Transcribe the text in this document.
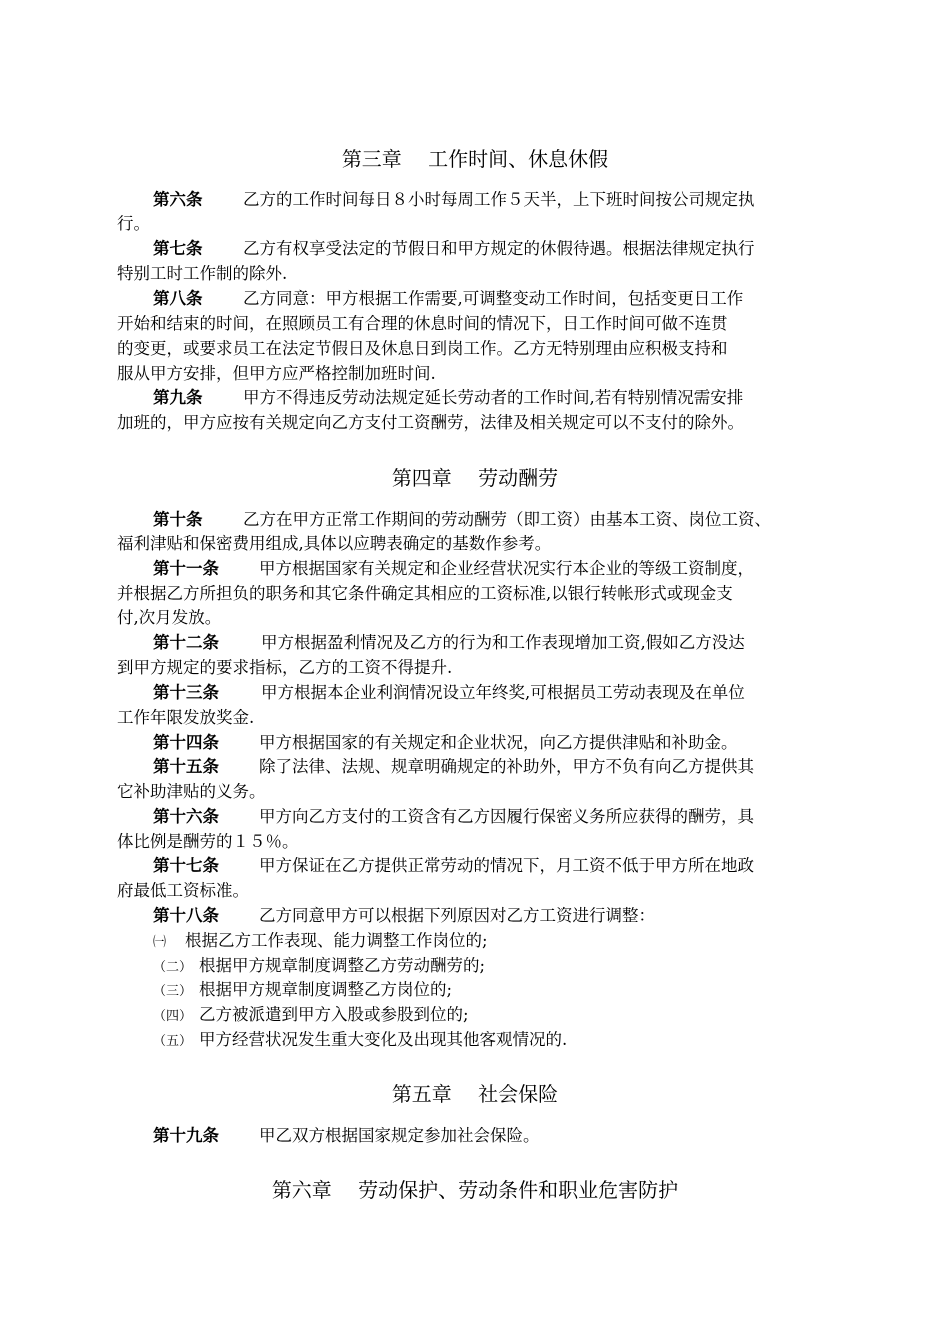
第三章　 工作时间、休息休假
第六条 乙方的工作时间每日８小时每周工作５天半，上下班时间按公司规定执
行。
第七条 乙方有权享受法定的节假日和甲方规定的休假待遇。根据法律规定执行
特别工时工作制的除外.
第八条 乙方同意：甲方根据工作需要,可调整变动工作时间，包括变更日工作
开始和结束的时间，在照顾员工有合理的休息时间的情况下，日工作时间可做不连贯
的变更，或要求员工在法定节假日及休息日到岗工作。乙方无特别理由应积极支持和
服从甲方安排，但甲方应严格控制加班时间.
第九条 甲方不得违反劳动法规定延长劳动者的工作时间,若有特别情况需安排
加班的，甲方应按有关规定向乙方支付工资酬劳，法律及相关规定可以不支付的除外。
第四章　 劳动酬劳
第十条 乙方在甲方正常工作期间的劳动酬劳（即工资）由基本工资、岗位工资、
福利津贴和保密费用组成,具体以应聘表确定的基数作参考。
第十一条 甲方根据国家有关规定和企业经营状况实行本企业的等级工资制度，
并根据乙方所担负的职务和其它条件确定其相应的工资标准,以银行转帐形式或现金支
付,次月发放。
第十二条	甲方根据盈利情况及乙方的行为和工作表现增加工资,假如乙方没达
到甲方规定的要求指标，乙方的工资不得提升.
第十三条	甲方根据本企业利润情况设立年终奖,可根据员工劳动表现及在单位
工作年限发放奖金.
第十四条 甲方根据国家的有关规定和企业状况，向乙方提供津贴和补助金。
第十五条 除了法律、法规、规章明确规定的补助外，甲方不负有向乙方提供其
它补助津贴的义务。
第十六条 甲方向乙方支付的工资含有乙方因履行保密义务所应获得的酬劳，具
体比例是酬劳的１５％。
第十七条 甲方保证在乙方提供正常劳动的情况下，月工资不低于甲方所在地政
府最低工资标准。
第十八条 乙方同意甲方可以根据下列原因对乙方工资进行调整：
㈠ 根据乙方工作表现、能力调整工作岗位的;
（二） 根据甲方规章制度调整乙方劳动酬劳的;
（三） 根据甲方规章制度调整乙方岗位的;
（四） 乙方被派遣到甲方入股或参股到位的;
（五） 甲方经营状况发生重大变化及出现其他客观情况的.
第五章　 社会保险
第十九条 甲乙双方根据国家规定参加社会保险。
第六章　 劳动保护、劳动条件和职业危害防护
